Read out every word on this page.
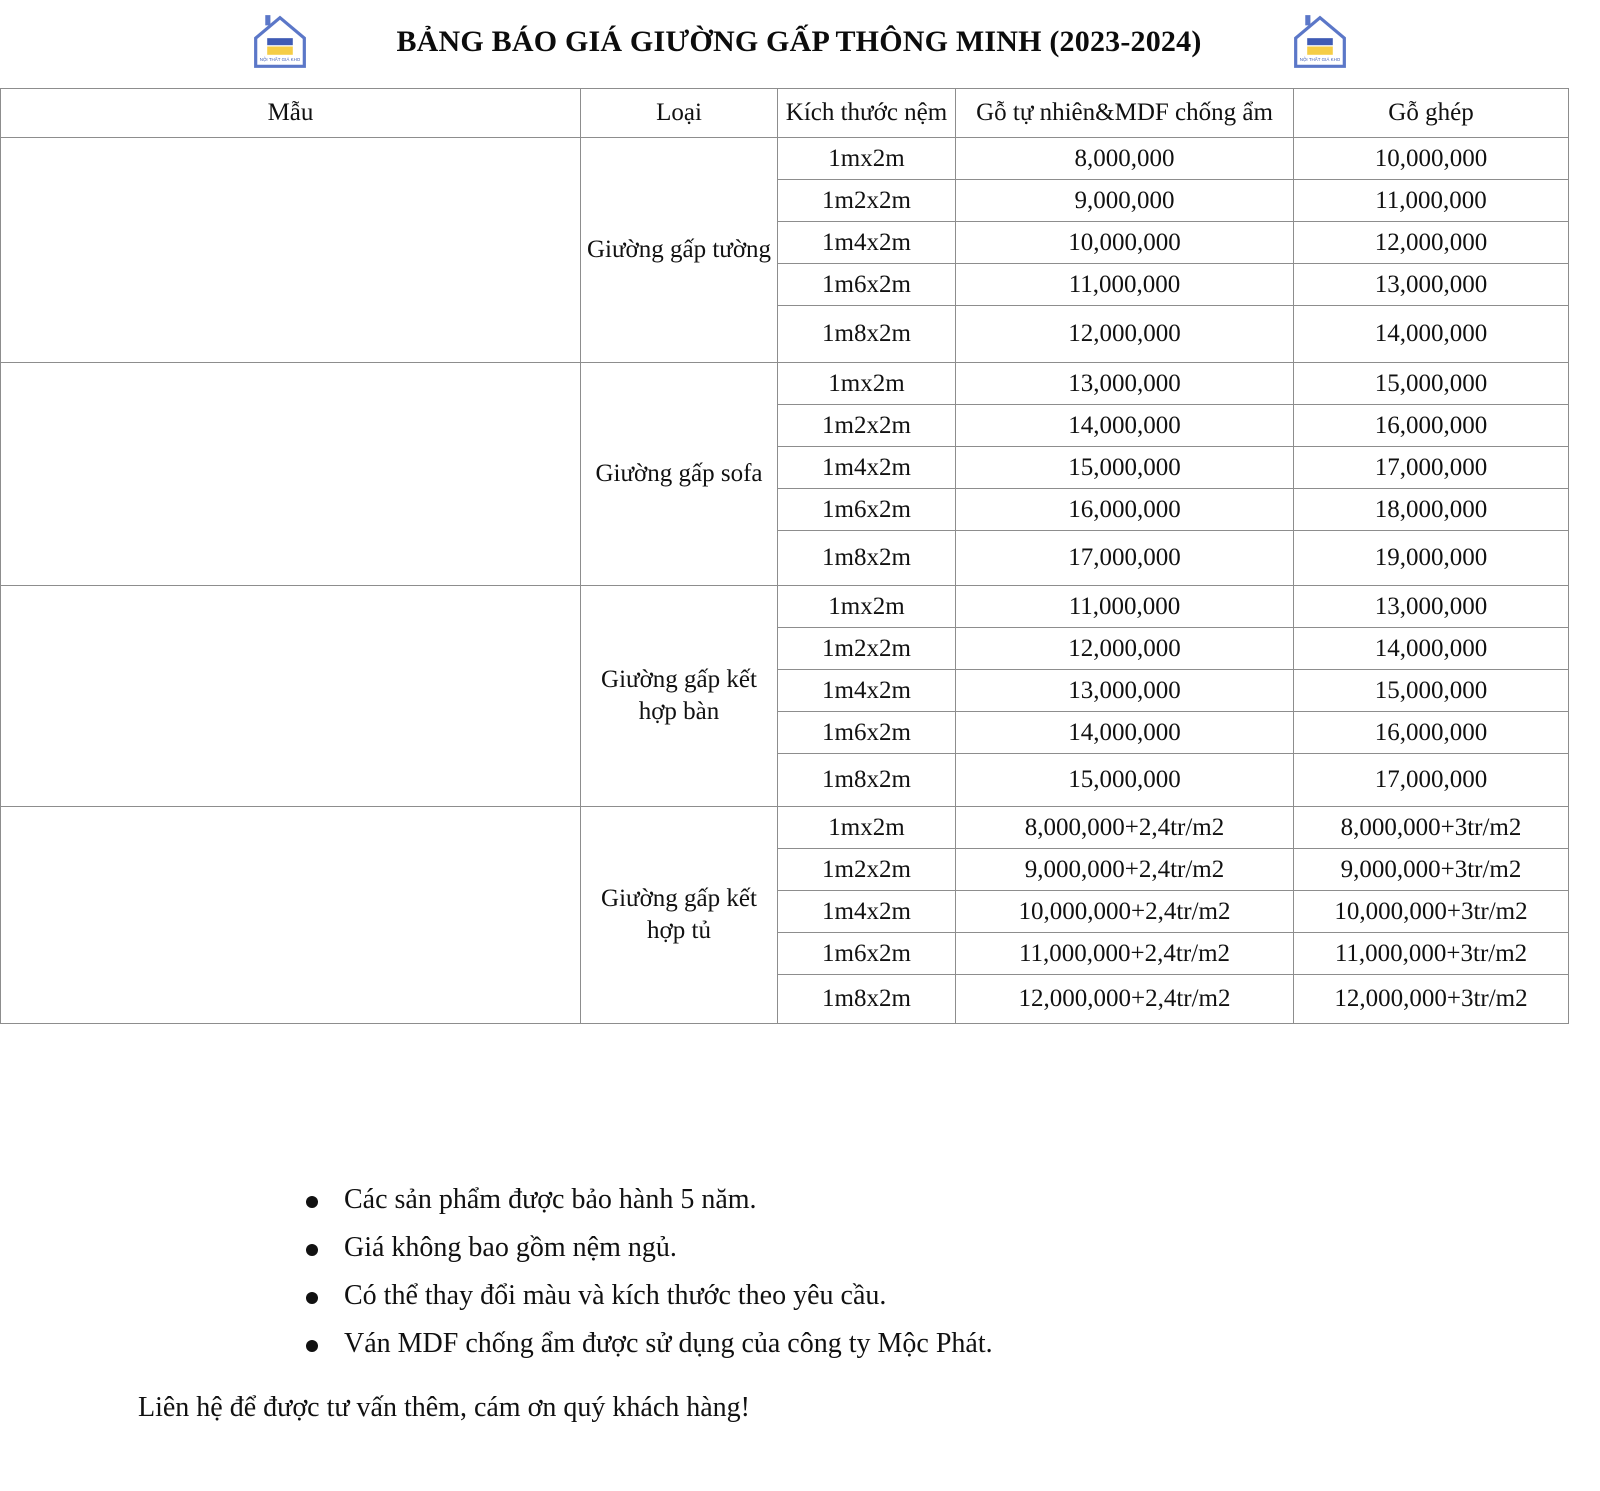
NỘI THẤT GIÁ KHO
BẢNG BÁO GIÁ GIƯỜNG GẤP THÔNG MINH (2023-2024)
NỘI THẤT GIÁ KHO
Mẫu	Loại	Kích thước nệm	Gỗ tự nhiên&MDF chống ẩm	Gỗ ghép

	Giường gấp tường	1mx2m	8,000,000	10,000,000
		1m2x2m	9,000,000	11,000,000
		1m4x2m	10,000,000	12,000,000
		1m6x2m	11,000,000	13,000,000
		1m8x2m	12,000,000	14,000,000

	Giường gấp sofa	1mx2m	13,000,000	15,000,000
		1m2x2m	14,000,000	16,000,000
		1m4x2m	15,000,000	17,000,000
		1m6x2m	16,000,000	18,000,000
		1m8x2m	17,000,000	19,000,000

	Giường gấp kết hợp bàn	1mx2m	11,000,000	13,000,000
		1m2x2m	12,000,000	14,000,000
		1m4x2m	13,000,000	15,000,000
		1m6x2m	14,000,000	16,000,000
		1m8x2m	15,000,000	17,000,000

	Giường gấp kết hợp tủ	1mx2m	8,000,000+2,4tr/m2	8,000,000+3tr/m2
		1m2x2m	9,000,000+2,4tr/m2	9,000,000+3tr/m2
		1m4x2m	10,000,000+2,4tr/m2	10,000,000+3tr/m2
		1m6x2m	11,000,000+2,4tr/m2	11,000,000+3tr/m2
		1m8x2m	12,000,000+2,4tr/m2	12,000,000+3tr/m2
Các sản phẩm được bảo hành 5 năm.
Giá không bao gồm nệm ngủ.
Có thể thay đổi màu và kích thước theo yêu cầu.
Ván MDF chống ẩm được sử dụng của công ty Mộc Phát.
Liên hệ để được tư vấn thêm, cám ơn quý khách hàng!
